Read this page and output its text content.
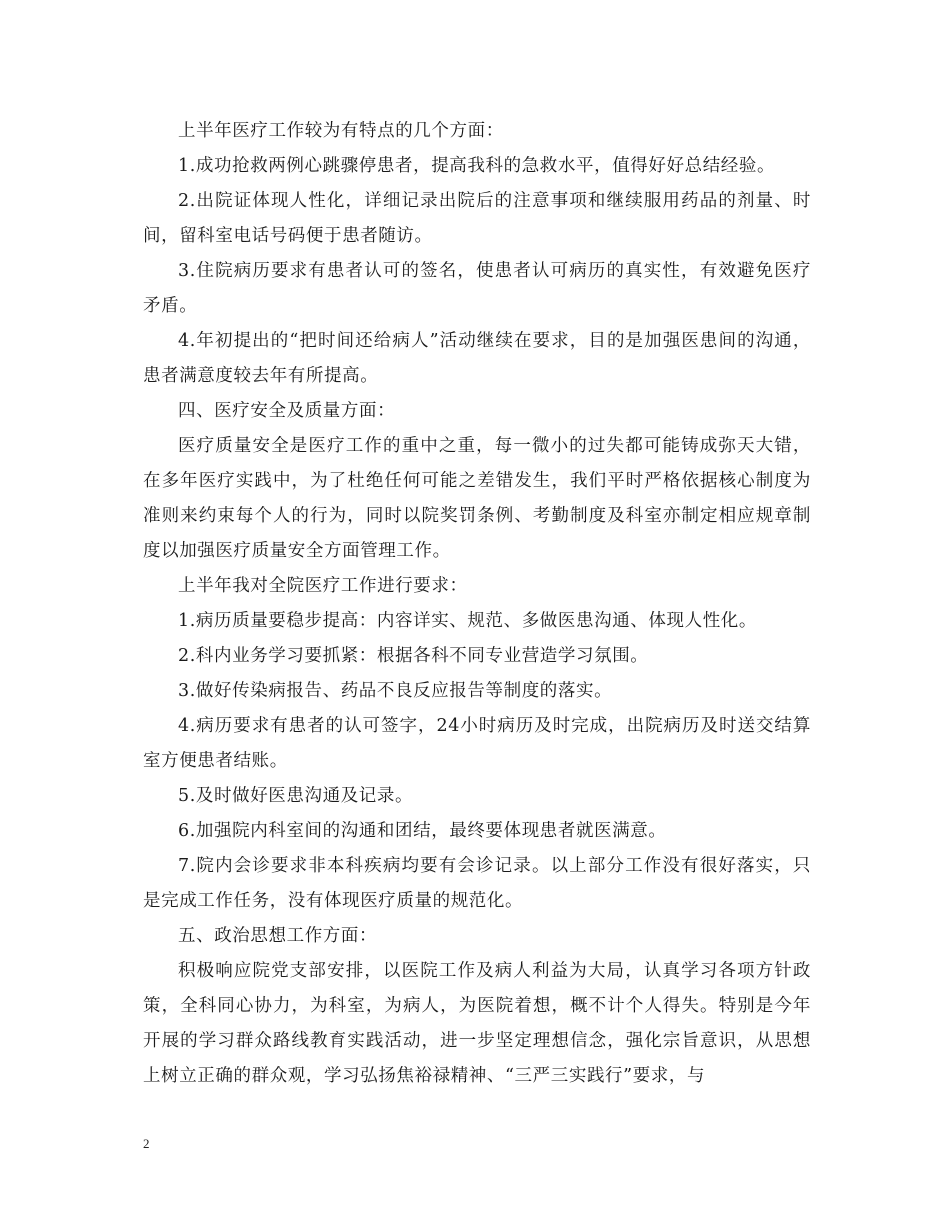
上半年医疗工作较为有特点的几个方面：

1.成功抢救两例心跳骤停患者，提高我科的急救水平，值得好好总结经验。

2.出院证体现人性化，详细记录出院后的注意事项和继续服用药品的剂量、时间，留科室电话号码便于患者随访。

3.住院病历要求有患者认可的签名，使患者认可病历的真实性，有效避免医疗矛盾。

4.年初提出的“把时间还给病人”活动继续在要求，目的是加强医患间的沟通，患者满意度较去年有所提高。

四、医疗安全及质量方面：

医疗质量安全是医疗工作的重中之重，每一微小的过失都可能铸成弥天大错，在多年医疗实践中，为了杜绝任何可能之差错发生，我们平时严格依据核心制度为准则来约束每个人的行为，同时以院奖罚条例、考勤制度及科室亦制定相应规章制度以加强医疗质量安全方面管理工作。

上半年我对全院医疗工作进行要求：

1.病历质量要稳步提高：内容详实、规范、多做医患沟通、体现人性化。

2.科内业务学习要抓紧：根据各科不同专业营造学习氛围。

3.做好传染病报告、药品不良反应报告等制度的落实。

4.病历要求有患者的认可签字，24小时病历及时完成，出院病历及时送交结算室方便患者结账。

5.及时做好医患沟通及记录。

6.加强院内科室间的沟通和团结，最终要体现患者就医满意。

7.院内会诊要求非本科疾病均要有会诊记录。以上部分工作没有很好落实，只是完成工作任务，没有体现医疗质量的规范化。

五、政治思想工作方面：

积极响应院党支部安排，以医院工作及病人利益为大局，认真学习各项方针政策，全科同心协力，为科室，为病人，为医院着想，概不计个人得失。特别是今年开展的学习群众路线教育实践活动，进一步坚定理想信念，强化宗旨意识，从思想上树立正确的群众观，学习弘扬焦裕禄精神、“三严三实践行”要求，与

2
